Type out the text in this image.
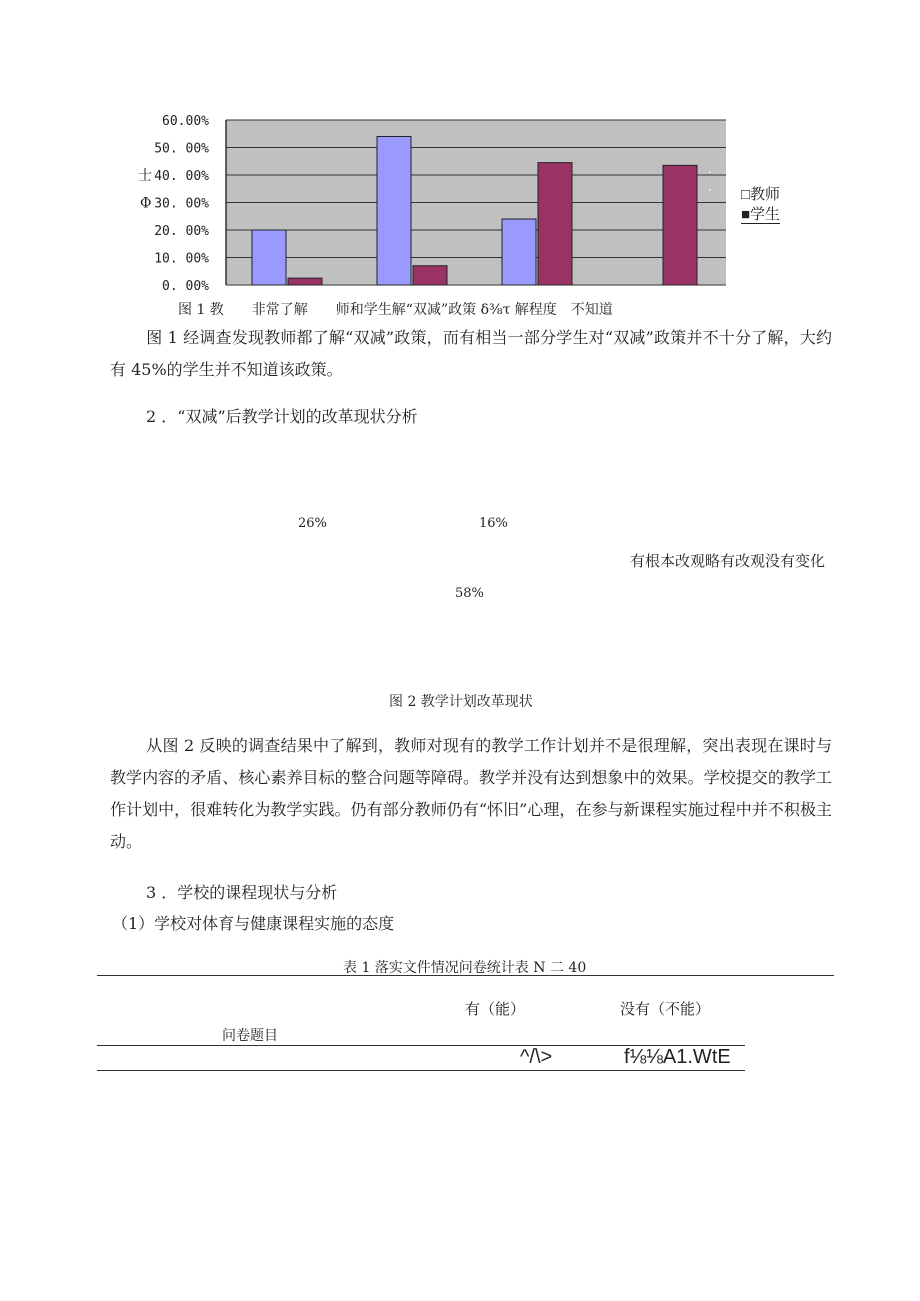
60.00%
50. 00%
40. 00%
30. 00%
20. 00%
10. 00%
0. 00%
士
Φ
.
. □教师
■学生
图 1 教　　非常了解　　师和学生解“双减”政策 δ⅜τ 解程度　不知道
图 1 经调查发现教师都了解“双减”政策，而有相当一部分学生对“双减”政策并不十分了解，大约有 45%的学生并不知道该政策。
2 ．“双减”后教学计划的改革现状分析
26%	16%
有根本改观略有改观没有变化
58%
图 2 教学计划改革现状
从图 2 反映的调查结果中了解到，教师对现有的教学工作计划并不是很理解，突出表现在课时与教学内容的矛盾、核心素养目标的整合问题等障碍。教学并没有达到想象中的效果。学校提交的教学工作计划中，很难转化为教学实践。仍有部分教师仍有“怀旧”心理，在参与新课程实施过程中并不积极主动。
3 ．学校的课程现状与分析
（1）学校对体育与健康课程实施的态度
表 1 落实文件情况问卷统计表 N 二 40
有（能）	没有（不能）
问卷题目
^/\>	f⅛⅛A1.WtE
